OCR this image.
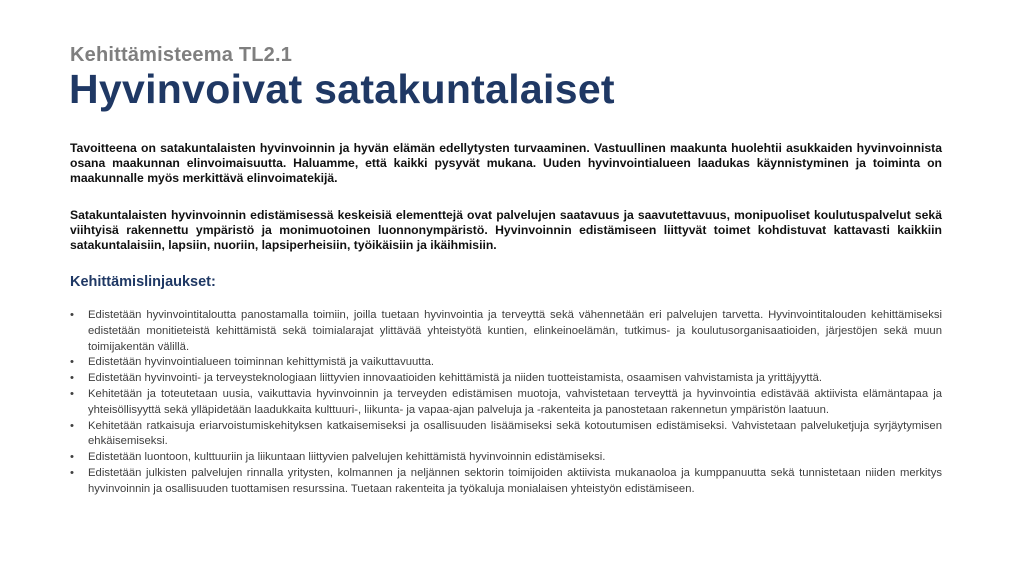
Kehittämisteema TL2.1
Hyvinvoivat satakuntalaiset

Tavoitteena on satakuntalaisten hyvinvoinnin ja hyvän elämän edellytysten turvaaminen. Vastuullinen maakunta huolehtii asukkaiden hyvinvoinnista osana maakunnan elinvoimaisuutta. Haluamme, että kaikki pysyvät mukana. Uuden hyvinvointialueen laadukas käynnistyminen ja toiminta on maakunnalle myös merkittävä elinvoimatekijä.

Satakuntalaisten hyvinvoinnin edistämisessä keskeisiä elementtejä ovat palvelujen saatavuus ja saavutettavuus, monipuoliset koulutuspalvelut sekä viihtyisä rakennettu ympäristö ja monimuotoinen luonnonympäristö. Hyvinvoinnin edistämiseen liittyvät toimet kohdistuvat kattavasti kaikkiin satakuntalaisiin, lapsiin, nuoriin, lapsiperheisiin, työikäisiin ja ikäihmisiin.

Kehittämislinjaukset:
• Edistetään hyvinvointitaloutta panostamalla toimiin, joilla tuetaan hyvinvointia ja terveyttä sekä vähennetään eri palvelujen tarvetta. Hyvinvointitalouden kehittämiseksi edistetään monitieteistä kehittämistä sekä toimialarajat ylittävää yhteistyötä kuntien, elinkeinoelämän, tutkimus- ja koulutusorganisaatioiden, järjestöjen sekä muun toimijakentän välillä.
• Edistetään hyvinvointialueen toiminnan kehittymistä ja vaikuttavuutta.
• Edistetään hyvinvointi- ja terveysteknologiaan liittyvien innovaatioiden kehittämistä ja niiden tuotteistamista, osaamisen vahvistamista ja yrittäjyyttä.
• Kehitetään ja toteutetaan uusia, vaikuttavia hyvinvoinnin ja terveyden edistämisen muotoja, vahvistetaan terveyttä ja hyvinvointia edistävää aktiivista elämäntapaa ja yhteisöllisyyttä sekä ylläpidetään laadukkaita kulttuuri-, liikunta- ja vapaa-ajan palveluja ja -rakenteita ja panostetaan rakennetun ympäristön laatuun.
• Kehitetään ratkaisuja eriarvoistumiskehityksen katkaisemiseksi ja osallisuuden lisäämiseksi sekä kotoutumisen edistämiseksi. Vahvistetaan palveluketjuja syrjäytymisen ehkäisemiseksi.
• Edistetään luontoon, kulttuuriin ja liikuntaan liittyvien palvelujen kehittämistä hyvinvoinnin edistämiseksi.
• Edistetään julkisten palvelujen rinnalla yritysten, kolmannen ja neljännen sektorin toimijoiden aktiivista mukanaoloa ja kumppanuutta sekä tunnistetaan niiden merkitys hyvinvoinnin ja osallisuuden tuottamisen resurssina. Tuetaan rakenteita ja työkaluja monialaisen yhteistyön edistämiseen.
